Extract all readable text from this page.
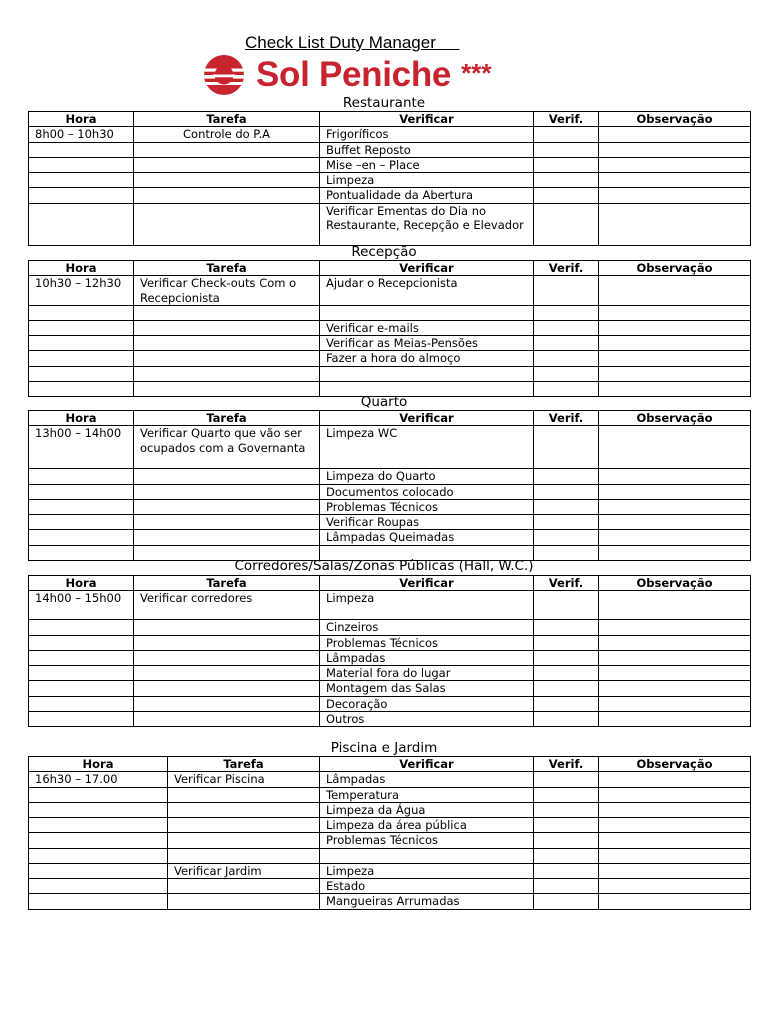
Check List Duty Manager
Sol Peniche ***
Restaurante
Hora	Tarefa	Verificar	Verif.	Observação
8h00 – 10h30	Controle do P.A	Frigoríficos		
		Buffet Reposto		
		Mise –en – Place		
		Limpeza		
		Pontualidade da Abertura		
		Verificar Ementas do Dia no Restaurante, Recepção e Elevador		
Recepção
Hora	Tarefa	Verificar	Verif.	Observação
10h30 – 12h30	Verificar Check-outs Com o Recepcionista	Ajudar o Recepcionista		

		Verificar e-mails		
		Verificar as Meias-Pensões		
		Fazer a hora do almoço		

Quarto
Hora	Tarefa	Verificar	Verif.	Observação
13h00 – 14h00	Verificar Quarto que vão ser ocupados com a Governanta	Limpeza WC		
		Limpeza do Quarto		
		Documentos colocado		
		Problemas Técnicos		
		Verificar Roupas		
		Lâmpadas Queimadas		

Corredores/Salas/Zonas Públicas (Hall, W.C.)
Hora	Tarefa	Verificar	Verif.	Observação
14h00 – 15h00	Verificar corredores	Limpeza		
		Cinzeiros		
		Problemas Técnicos		
		Lâmpadas		
		Material fora do lugar		
		Montagem das Salas		
		Decoração		
		Outros		
Piscina e Jardim
Hora	Tarefa	Verificar	Verif.	Observação
16h30 – 17.00	Verificar Piscina	Lâmpadas		
		Temperatura		
		Limpeza da Água		
		Limpeza da área pública		
		Problemas Técnicos		

	Verificar Jardim	Limpeza		
		Estado		
		Mangueiras Arrumadas		
